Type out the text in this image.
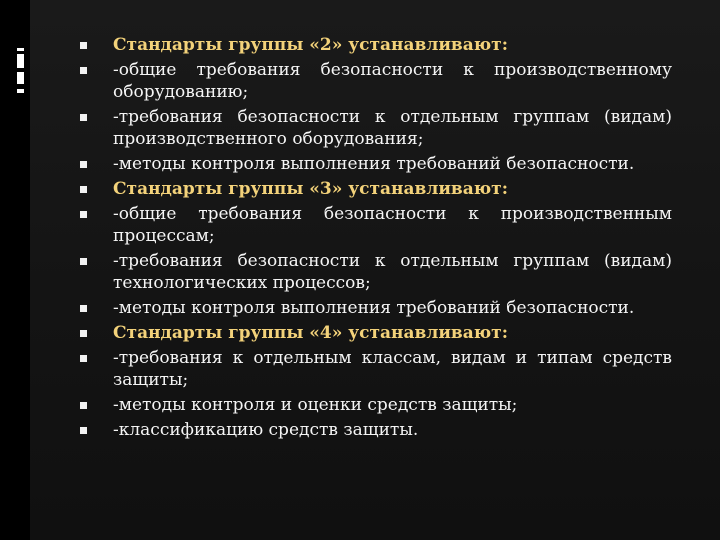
Стандарты группы «2» устанавливают:
-общие требования безопасности к производственному оборудованию;
-требования безопасности к отдельным группам (видам) производственного оборудования;
-методы контроля выполнения требований безопасности.
Стандарты группы «3» устанавливают:
-общие требования безопасности к производственным процессам;
-требования безопасности к отдельным группам (видам) технологических процессов;
-методы контроля выполнения требований безопасности.
Стандарты группы «4» устанавливают:
-требования к отдельным классам, видам и типам средств защиты;
-методы контроля и оценки средств защиты;
-классификацию средств защиты.
